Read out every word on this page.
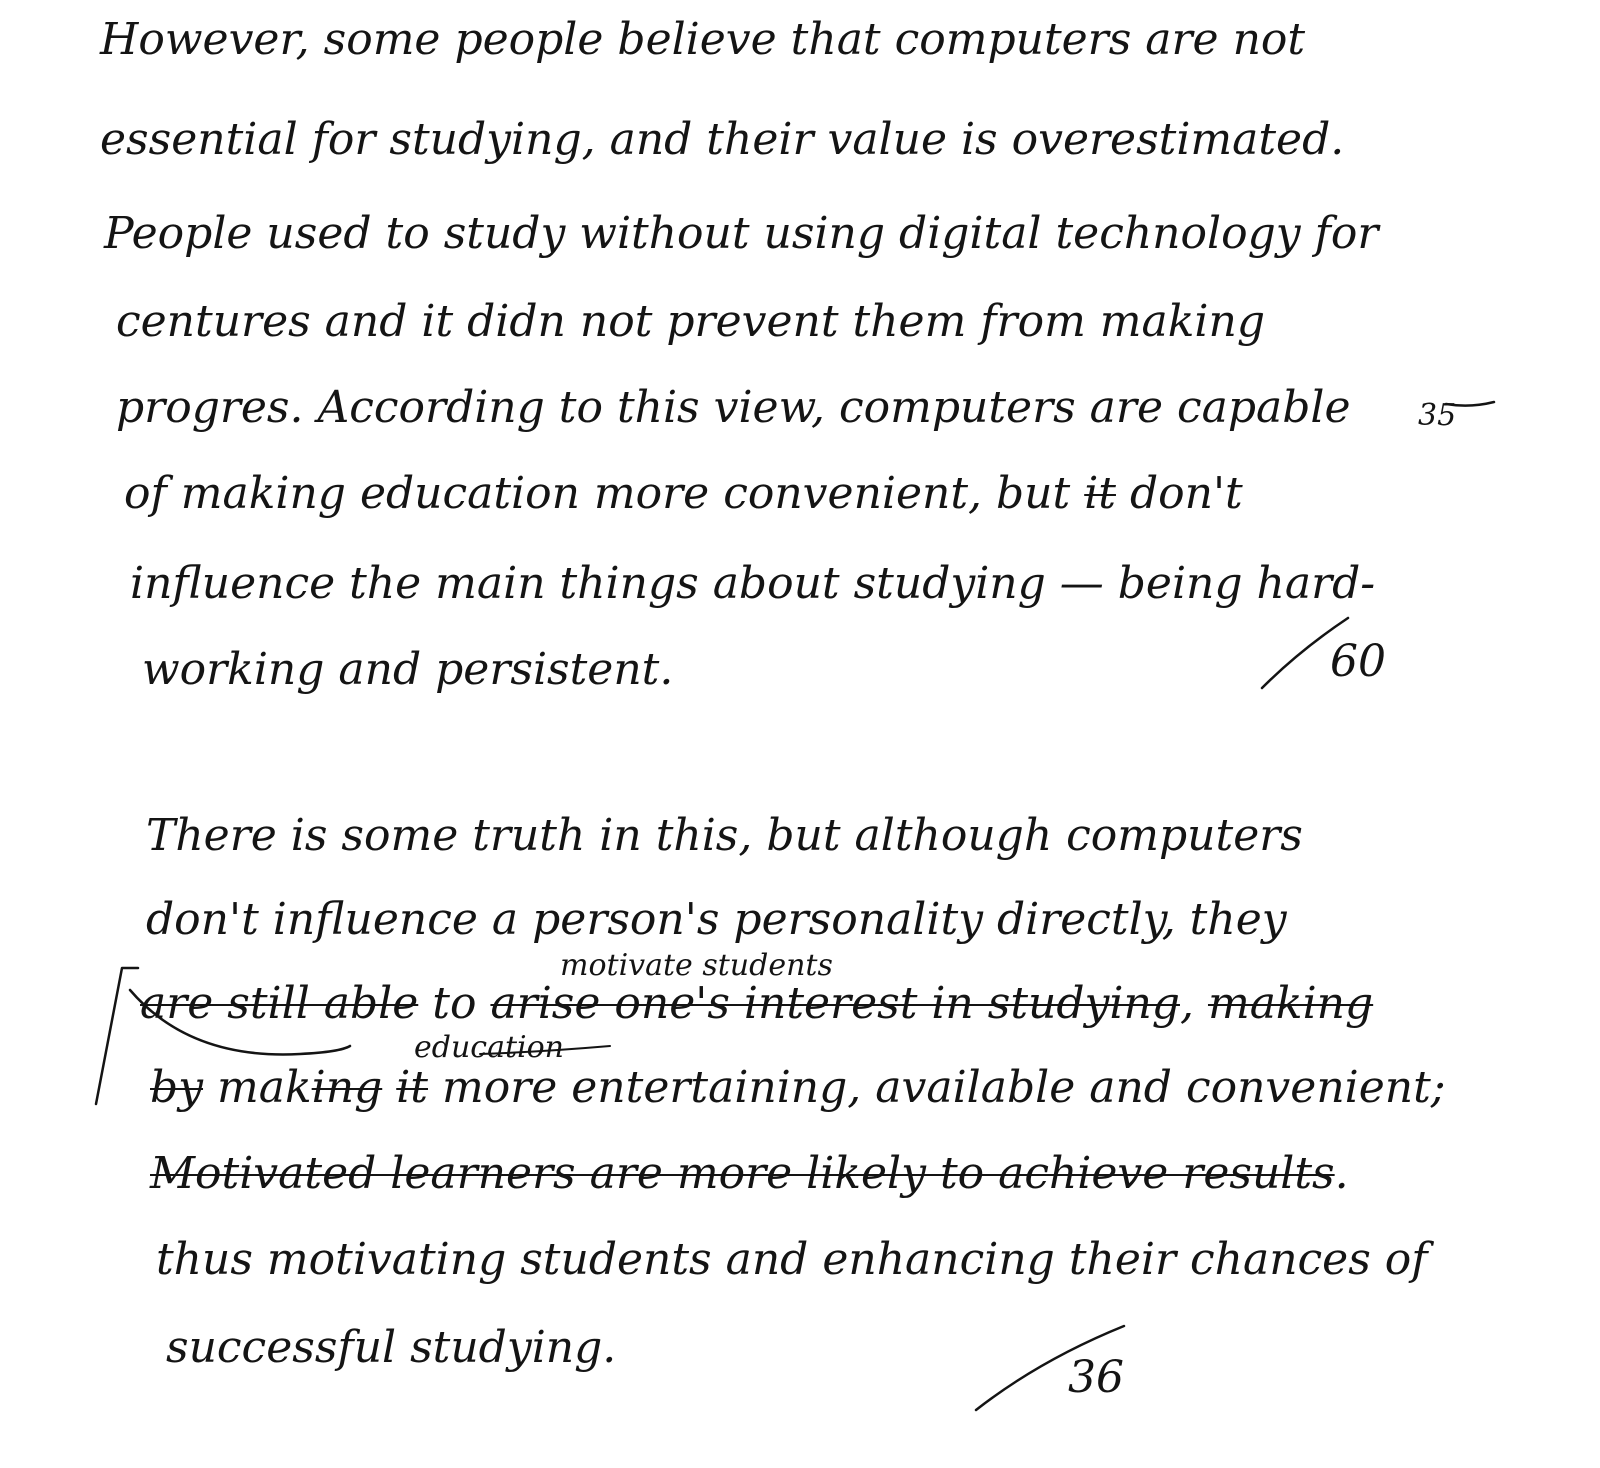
However, some people believe that computers are not
essential for studying, and their value is overestimated.
People used to study without using digital technology for
centures and it didn not prevent them from making
progres. According to this view, computers are capable
of making education more convenient, but it don't
influence the main things about studying — being hard-
working and persistent.
35
60
There is some truth in this, but although computers
don't influence a person's personality directly, they
motivate students
are still able to arise one's interest in studying, making
education
by making it more entertaining, available and convenient;
Motivated learners are more likely to achieve results.
thus motivating students and enhancing their chances of
successful studying.
36
